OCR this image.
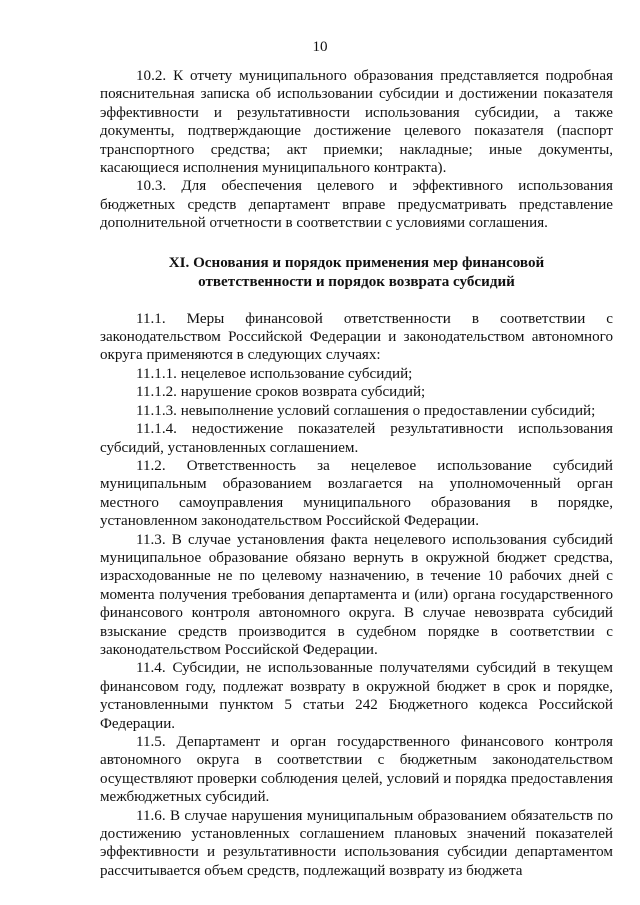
10

10.2. К отчету муниципального образования представляется подробная пояснительная записка об использовании субсидии и достижении показателя эффективности и результативности использования субсидии, а также документы, подтверждающие достижение целевого показателя (паспорт транспортного средства; акт приемки; накладные; иные документы, касающиеся исполнения муниципального контракта).

10.3. Для обеспечения целевого и эффективного использования бюджетных средств департамент вправе предусматривать представление дополнительной отчетности в соответствии с условиями соглашения.

XI. Основания и порядок применения мер финансовой
ответственности и порядок возврата субсидий

11.1. Меры финансовой ответственности в соответствии с законодательством Российской Федерации и законодательством автономного округа применяются в следующих случаях:

11.1.1. нецелевое использование субсидий;

11.1.2. нарушение сроков возврата субсидий;

11.1.3. невыполнение условий соглашения о предоставлении субсидий;

11.1.4. недостижение показателей результативности использования субсидий, установленных соглашением.

11.2. Ответственность за нецелевое использование субсидий муниципальным образованием возлагается на уполномоченный орган местного самоуправления муниципального образования в порядке, установленном законодательством Российской Федерации.

11.3. В случае установления факта нецелевого использования субсидий муниципальное образование обязано вернуть в окружной бюджет средства, израсходованные не по целевому назначению, в течение 10 рабочих дней с момента получения требования департамента и (или) органа государственного финансового контроля автономного округа. В случае невозврата субсидий взыскание средств производится в судебном порядке в соответствии с законодательством Российской Федерации.

11.4. Субсидии, не использованные получателями субсидий в текущем финансовом году, подлежат возврату в окружной бюджет в срок и порядке, установленными пунктом 5 статьи 242 Бюджетного кодекса Российской Федерации.

11.5. Департамент и орган государственного финансового контроля автономного округа в соответствии с бюджетным законодательством осуществляют проверки соблюдения целей, условий и порядка предоставления межбюджетных субсидий.

11.6. В случае нарушения муниципальным образованием обязательств по достижению установленных соглашением плановых значений показателей эффективности и результативности использования субсидии департаментом рассчитывается объем средств, подлежащий возврату из бюджета
